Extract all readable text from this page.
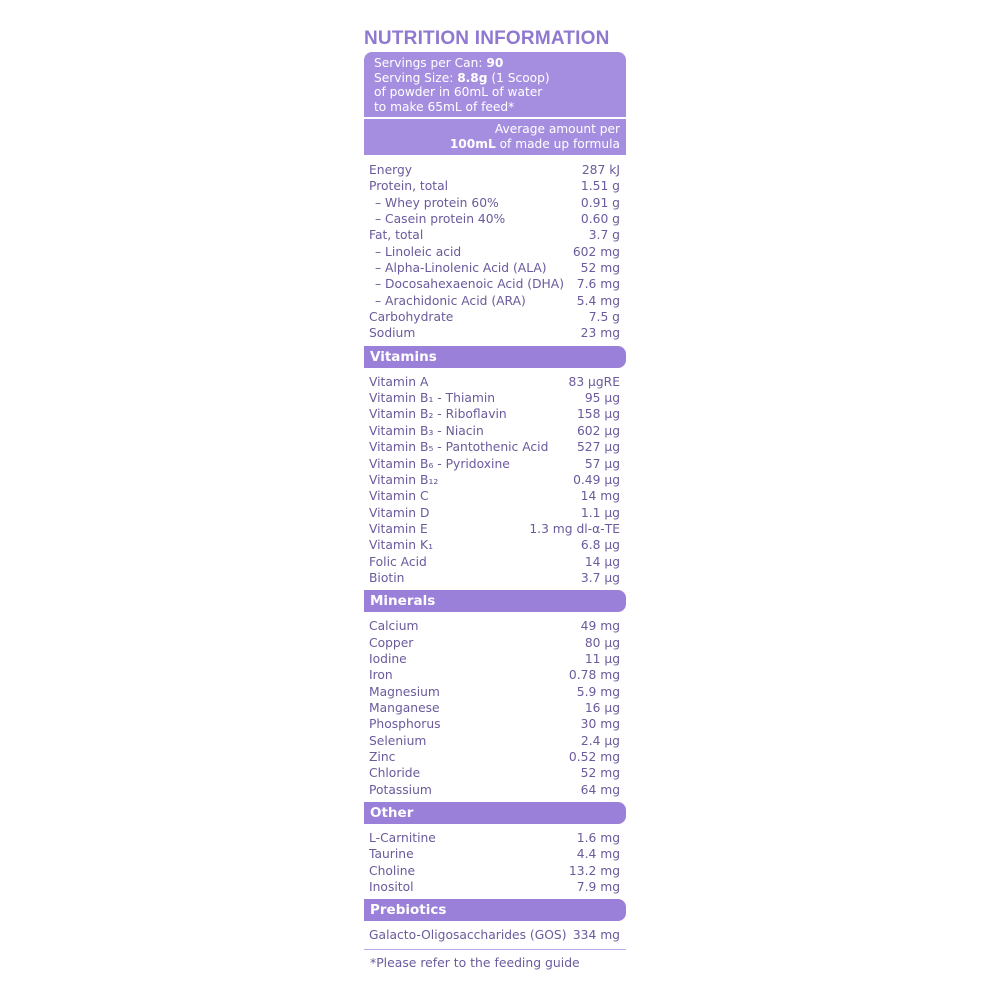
NUTRITION INFORMATION
Servings per Can: 90
Serving Size: 8.8g (1 Scoop)
of powder in 60mL of water
to make 65mL of feed*
Average amount per
100mL of made up formula
Energy	287 kJ
Protein, total	1.51 g
– Whey protein 60%	0.91 g
– Casein protein 40%	0.60 g
Fat, total	3.7 g
– Linoleic acid	602 mg
– Alpha-Linolenic Acid (ALA)	52 mg
– Docosahexaenoic Acid (DHA) 7.6 mg
– Arachidonic Acid (ARA)	5.4 mg
Carbohydrate	7.5 g
Sodium	23 mg
Vitamins
Vitamin A	83 µgRE
Vitamin B₁ - Thiamin	95 µg
Vitamin B₂ - Riboflavin	158 µg
Vitamin B₃ - Niacin	602 µg
Vitamin B₅ - Pantothenic Acid 527 µg
Vitamin B₆ - Pyridoxine	57 µg
Vitamin B₁₂	0.49 µg
Vitamin C	14 mg
Vitamin D	1.1 µg
Vitamin E	1.3 mg dl-α-TE
Vitamin K₁	6.8 µg
Folic Acid	14 µg
Biotin	3.7 µg
Minerals
Calcium	49 mg
Copper	80 µg
Iodine	11 µg
Iron	0.78 mg
Magnesium	5.9 mg
Manganese	16 µg
Phosphorus	30 mg
Selenium	2.4 µg
Zinc	0.52 mg
Chloride	52 mg
Potassium	64 mg
Other
L-Carnitine	1.6 mg
Taurine	4.4 mg
Choline	13.2 mg
Inositol	7.9 mg
Prebiotics
Galacto-Oligosaccharides (GOS) 334 mg
*Please refer to the feeding guide
